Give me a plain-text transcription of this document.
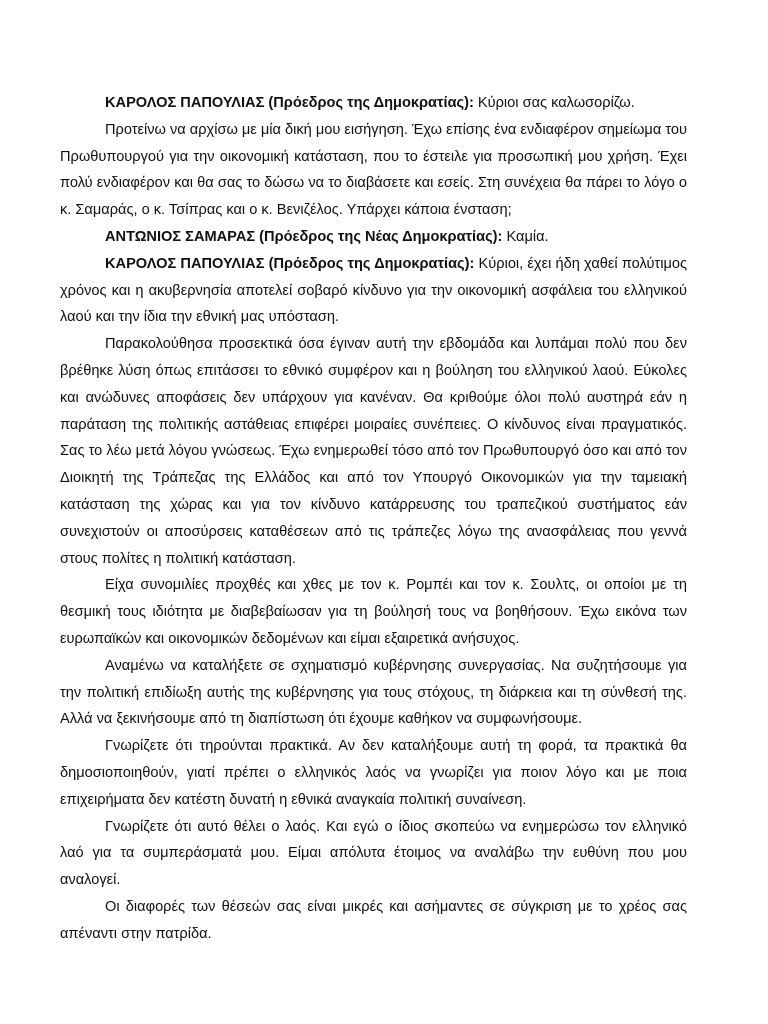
ΚΑΡΟΛΟΣ ΠΑΠΟΥΛΙΑΣ (Πρόεδρος της Δημοκρατίας): Κύριοι σας καλωσορίζω.

Προτείνω να αρχίσω με μία δική μου εισήγηση. Έχω επίσης ένα ενδιαφέρον σημείωμα του Πρωθυπουργού για την οικονομική κατάσταση, που το έστειλε για προσωπική μου χρήση. Έχει πολύ ενδιαφέρον και θα σας το δώσω να το διαβάσετε και εσείς. Στη συνέχεια θα πάρει το λόγο ο κ. Σαμαράς, ο κ. Τσίπρας και ο κ. Βενιζέλος. Υπάρχει κάποια ένσταση;

ΑΝΤΩΝΙΟΣ ΣΑΜΑΡΑΣ (Πρόεδρος της Νέας Δημοκρατίας): Καμία.

ΚΑΡΟΛΟΣ ΠΑΠΟΥΛΙΑΣ (Πρόεδρος της Δημοκρατίας): Κύριοι, έχει ήδη χαθεί πολύτιμος χρόνος και η ακυβερνησία αποτελεί σοβαρό κίνδυνο για την οικονομική ασφάλεια του ελληνικού λαού και την ίδια την εθνική μας υπόσταση.

Παρακολούθησα προσεκτικά όσα έγιναν αυτή την εβδομάδα και λυπάμαι πολύ που δεν βρέθηκε λύση όπως επιτάσσει το εθνικό συμφέρον και η βούληση του ελληνικού λαού. Εύκολες και ανώδυνες αποφάσεις δεν υπάρχουν για κανέναν. Θα κριθούμε όλοι πολύ αυστηρά εάν η παράταση της πολιτικής αστάθειας επιφέρει μοιραίες συνέπειες. Ο κίνδυνος είναι πραγματικός. Σας το λέω μετά λόγου γνώσεως. Έχω ενημερωθεί τόσο από τον Πρωθυπουργό όσο και από τον Διοικητή της Τράπεζας της Ελλάδος και από τον Υπουργό Οικονομικών για την ταμειακή κατάσταση της χώρας και για τον κίνδυνο κατάρρευσης του τραπεζικού συστήματος εάν συνεχιστούν οι αποσύρσεις καταθέσεων από τις τράπεζες λόγω της ανασφάλειας που γεννά στους πολίτες η πολιτική κατάσταση.

Είχα συνομιλίες προχθές και χθες με τον κ. Ρομπέι και τον κ. Σουλτς, οι οποίοι με τη θεσμική τους ιδιότητα με διαβεβαίωσαν για τη βούλησή τους να βοηθήσουν. Έχω εικόνα των ευρωπαϊκών και οικονομικών δεδομένων και είμαι εξαιρετικά ανήσυχος.

Αναμένω να καταλήξετε σε σχηματισμό κυβέρνησης συνεργασίας. Να συζητήσουμε για την πολιτική επιδίωξη αυτής της κυβέρνησης για τους στόχους, τη διάρκεια και τη σύνθεσή της. Αλλά να ξεκινήσουμε από τη διαπίστωση ότι έχουμε καθήκον να συμφωνήσουμε.

Γνωρίζετε ότι τηρούνται πρακτικά. Αν δεν καταλήξουμε αυτή τη φορά, τα πρακτικά θα δημοσιοποιηθούν, γιατί πρέπει ο ελληνικός λαός να γνωρίζει για ποιον λόγο και με ποια επιχειρήματα δεν κατέστη δυνατή η εθνικά αναγκαία πολιτική συναίνεση.

Γνωρίζετε ότι αυτό θέλει ο λαός. Και εγώ ο ίδιος σκοπεύω να ενημερώσω τον ελληνικό λαό για τα συμπεράσματά μου. Είμαι απόλυτα έτοιμος να αναλάβω την ευθύνη που μου αναλογεί.

Οι διαφορές των θέσεών σας είναι μικρές και ασήμαντες σε σύγκριση με το χρέος σας απέναντι στην πατρίδα.
